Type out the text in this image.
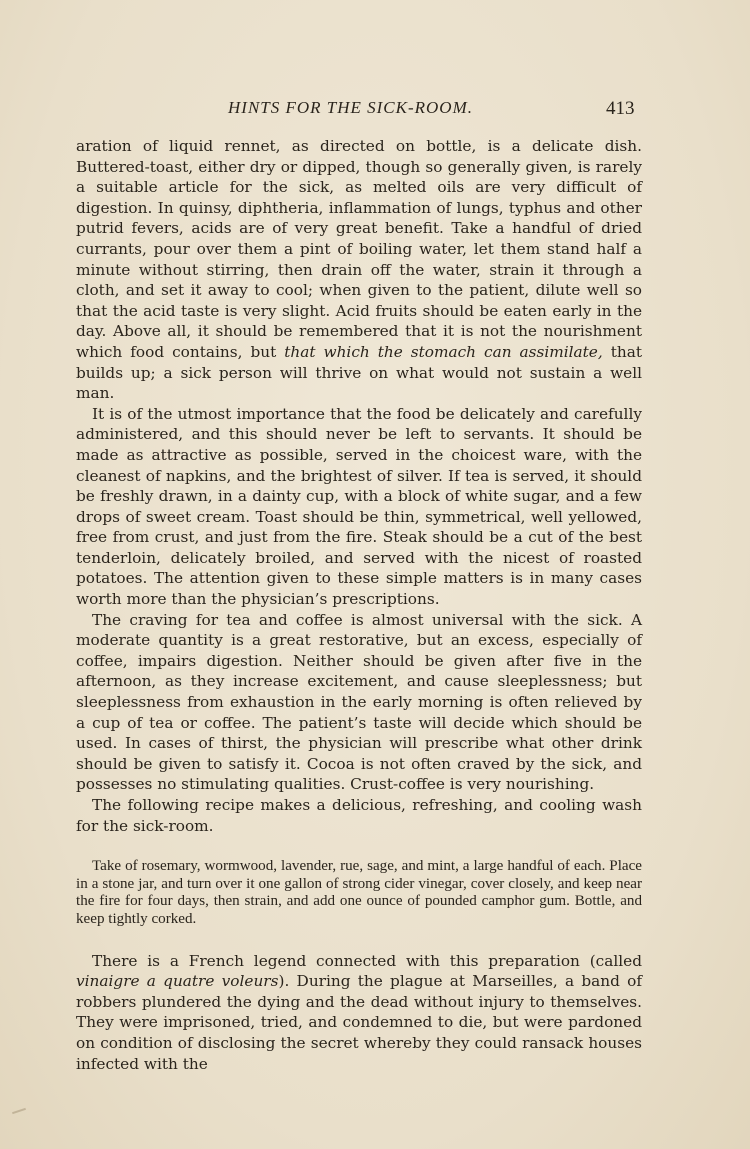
HINTS FOR THE SICK-ROOM.	413

aration of liquid rennet, as directed on bottle, is a delicate dish. Buttered-toast, either dry or dipped, though so generally given, is rarely a suitable article for the sick, as melted oils are very difficult of digestion. In quinsy, diphtheria, inflammation of lungs, typhus and other putrid fevers, acids are of very great benefit. Take a handful of dried currants, pour over them a pint of boiling water, let them stand half a minute without stirring, then drain off the water, strain it through a cloth, and set it away to cool; when given to the patient, dilute well so that the acid taste is very slight. Acid fruits should be eaten early in the day. Above all, it should be remembered that it is not the nourishment which food contains, but that which the stomach can assimilate, that builds up; a sick person will thrive on what would not sustain a well man.

It is of the utmost importance that the food be delicately and carefully administered, and this should never be left to servants. It should be made as attractive as possible, served in the choicest ware, with the cleanest of napkins, and the brightest of silver. If tea is served, it should be freshly drawn, in a dainty cup, with a block of white sugar, and a few drops of sweet cream. Toast should be thin, symmetrical, well yellowed, free from crust, and just from the fire. Steak should be a cut of the best tenderloin, delicately broiled, and served with the nicest of roasted potatoes. The attention given to these simple matters is in many cases worth more than the physician’s prescriptions.

The craving for tea and coffee is almost universal with the sick. A moderate quantity is a great restorative, but an excess, especially of coffee, impairs digestion. Neither should be given after five in the afternoon, as they increase excitement, and cause sleeplessness; but sleeplessness from exhaustion in the early morning is often relieved by a cup of tea or coffee. The patient’s taste will decide which should be used. In cases of thirst, the physician will prescribe what other drink should be given to satisfy it. Cocoa is not often craved by the sick, and possesses no stimulating qualities. Crust-coffee is very nourishing.

The following recipe makes a delicious, refreshing, and cooling wash for the sick-room.

Take of rosemary, wormwood, lavender, rue, sage, and mint, a large handful of each. Place in a stone jar, and turn over it one gallon of strong cider vinegar, cover closely, and keep near the fire for four days, then strain, and add one ounce of pounded camphor gum. Bottle, and keep tightly corked.

There is a French legend connected with this preparation (called vinaigre a quatre voleurs). During the plague at Marseilles, a band of robbers plundered the dying and the dead without injury to themselves. They were imprisoned, tried, and condemned to die, but were pardoned on condition of disclosing the secret whereby they could ransack houses infected with the
